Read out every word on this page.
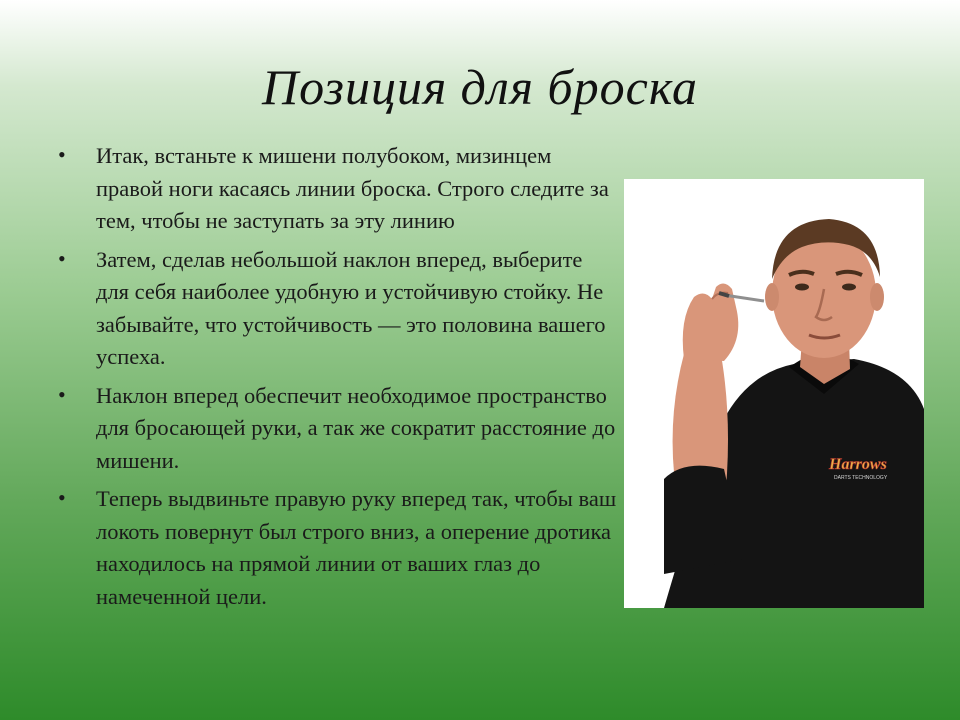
Позиция для броска
• Итак, встаньте к мишени полубоком, мизинцем правой ноги касаясь линии броска. Строго следите за тем, чтобы не заступать за эту линию
• Затем, сделав небольшой наклон вперед, выберите для себя наиболее удобную и устойчивую стойку. Не забывайте, что устойчивость — это половина вашего успеха.
• Наклон вперед обеспечит необходимое пространство для бросающей руки, а так же сократит расстояние до мишени.
• Теперь выдвиньте правую руку вперед так, чтобы ваш локоть повернут был строго вниз, а оперение дротика находилось на прямой линии от ваших глаз до намеченной цели.
Harrows
DARTS TECHNOLOGY
